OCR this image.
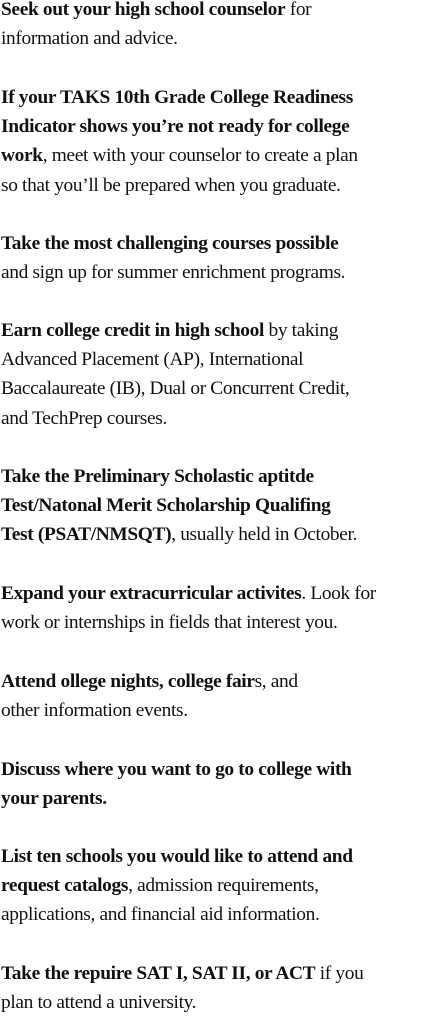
Seek out your high school counselor for
information and advice.

If your TAKS 10th Grade College Readiness
Indicator shows you’re not ready for college
work, meet with your counselor to create a plan
so that you’ll be prepared when you graduate.

Take the most challenging courses possible
and sign up for summer enrichment programs.

Earn college credit in high school by taking
Advanced Placement (AP), International
Baccalaureate (IB), Dual or Concurrent Credit,
and TechPrep courses.

Take the Preliminary Scholastic aptitde
Test/Natonal Merit Scholarship Qualifing
Test (PSAT/NMSQT), usually held in October.

Expand your extracurricular activites. Look for
work or internships in fields that interest you.

Attend ollege nights, college fairs, and
other information events.

Discuss where you want to go to college with
your parents.

List ten schools you would like to attend and
request catalogs, admission requirements,
applications, and financial aid information.

Take the repuire SAT I, SAT II, or ACT if you
plan to attend a university.
